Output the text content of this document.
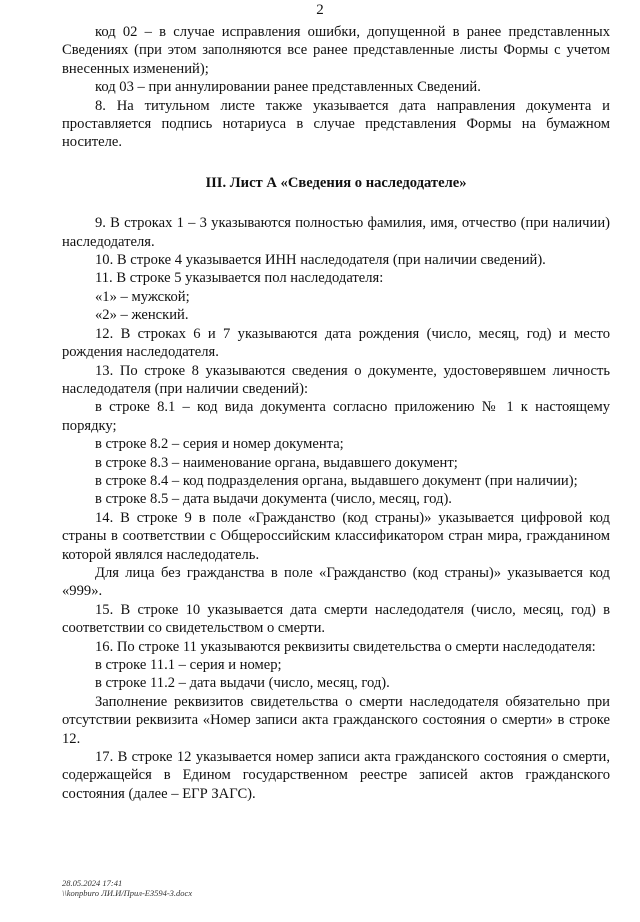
2

код 02 – в случае исправления ошибки, допущенной в ранее представленных Сведениях (при этом заполняются все ранее представленные листы Формы с учетом внесенных изменений);

код 03 – при аннулировании ранее представленных Сведений.

8. На титульном листе также указывается дата направления документа и проставляется подпись нотариуса в случае представления Формы на бумажном носителе.

III. Лист А «Сведения о наследодателе»

9. В строках 1 – 3 указываются полностью фамилия, имя, отчество (при наличии) наследодателя.

10. В строке 4 указывается ИНН наследодателя (при наличии сведений).

11. В строке 5 указывается пол наследодателя:

«1» – мужской;

«2» – женский.

12. В строках 6 и 7 указываются дата рождения (число, месяц, год) и место рождения наследодателя.

13. По строке 8 указываются сведения о документе, удостоверявшем личность наследодателя (при наличии сведений):

в строке 8.1 – код вида документа согласно приложению № 1 к настоящему порядку;

в строке 8.2 – серия и номер документа;

в строке 8.3 – наименование органа, выдавшего документ;

в строке 8.4 – код подразделения органа, выдавшего документ (при наличии);

в строке 8.5 – дата выдачи документа (число, месяц, год).

14. В строке 9 в поле «Гражданство (код страны)» указывается цифровой код страны в соответствии с Общероссийским классификатором стран мира, гражданином которой являлся наследодатель.

Для лица без гражданства в поле «Гражданство (код страны)» указывается код «999».

15. В строке 10 указывается дата смерти наследодателя (число, месяц, год) в соответствии со свидетельством о смерти.

16. По строке 11 указываются реквизиты свидетельства о смерти наследодателя:

в строке 11.1 – серия и номер;

в строке 11.2 – дата выдачи (число, месяц, год).

Заполнение реквизитов свидетельства о смерти наследодателя обязательно при отсутствии реквизита «Номер записи акта гражданского состояния о смерти» в строке 12.

17. В строке 12 указывается номер записи акта гражданского состояния о смерти, содержащейся в Едином государственном реестре записей актов гражданского состояния (далее – ЕГР ЗАГС).

28.05.2024 17:41
\\konpburo ЛИ.И/Прил-ЕЗ594-3.docx
